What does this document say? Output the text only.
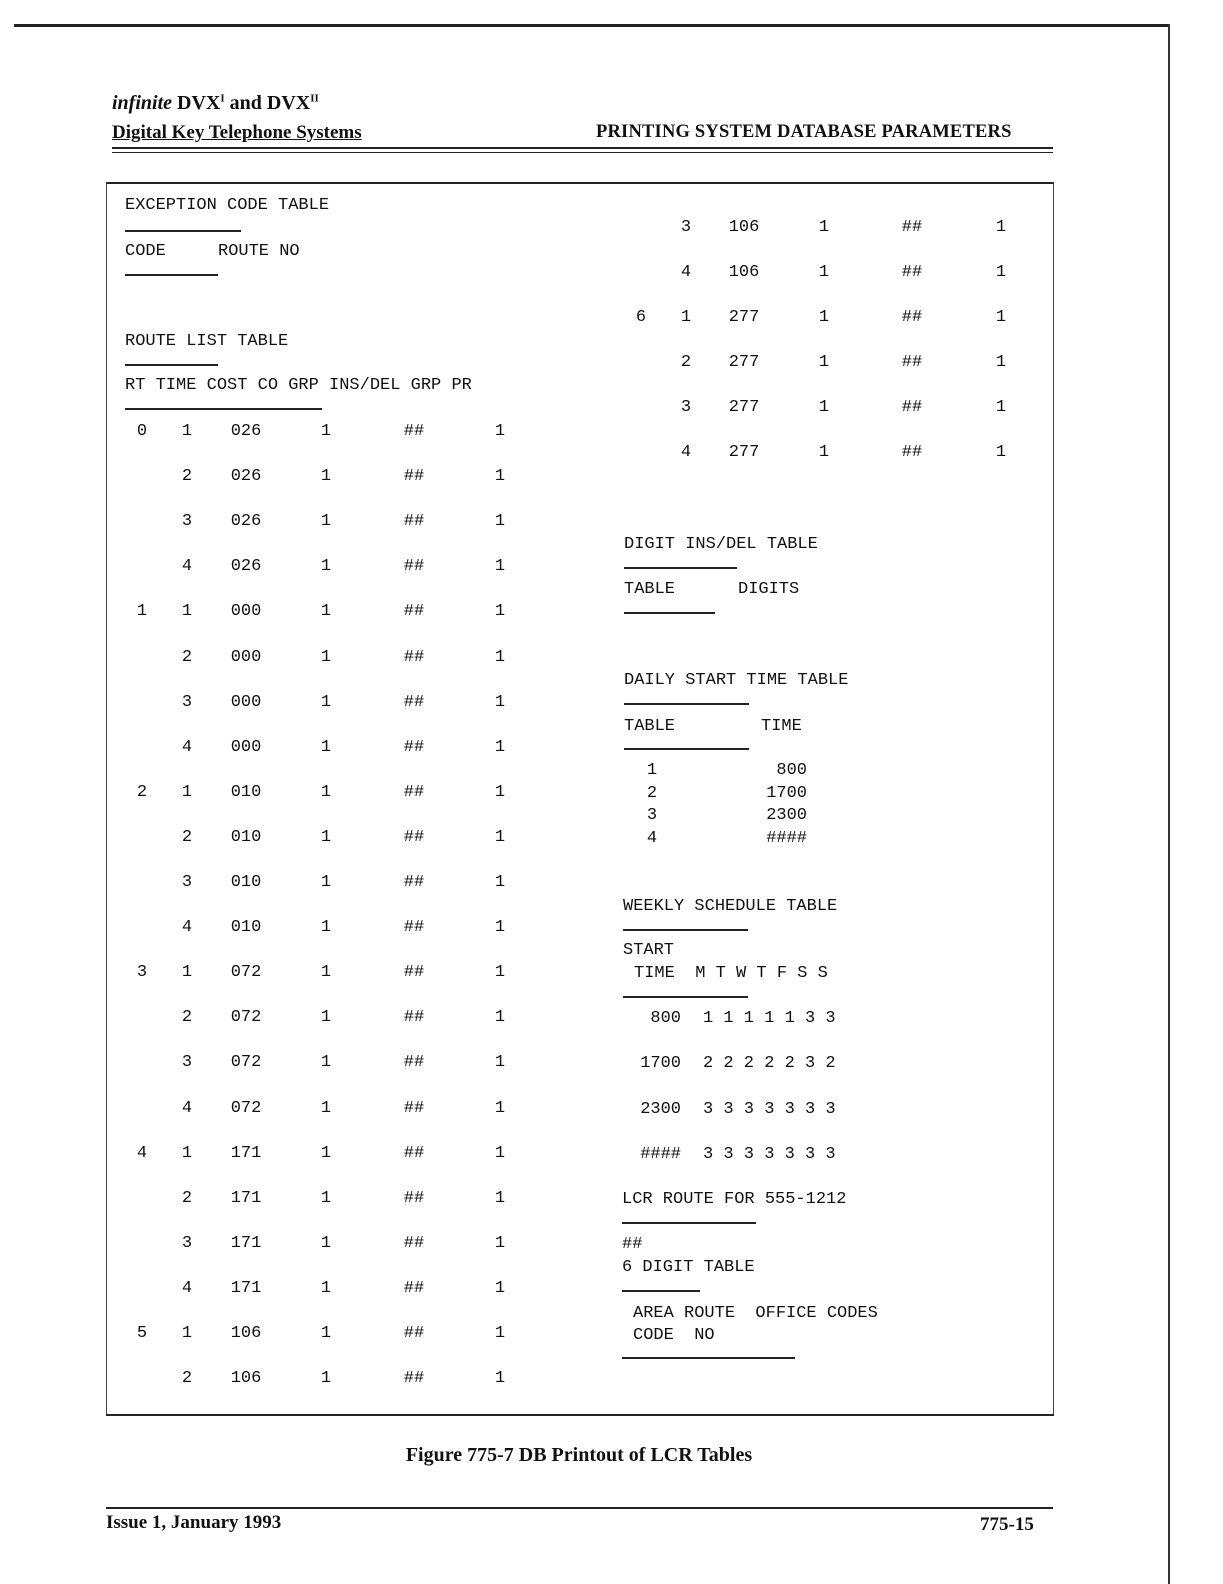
infinite $DVX^I$ and $DVX^{II}$
Digital Key Telephone Systems	PRINTING SYSTEM DATABASE PARAMETERS
EXCEPTION CODE TABLE
CODE	ROUTE NO
ROUTE LIST TABLE
RT TIME COST CO GRP INS/DEL GRP PR
0 1 026	1	##	1
2 026	1	##	1
3 026	1	##	1
4 026	1	##	1
1 1 000	1	##	1
2 000	1	##	1
3 000	1	##	1
4 000	1	##	1
2 1 010	1	##	1
2 010	1	##	1
3 010	1	##	1
4 010	1	##	1
3 1 072	1	##	1
2 072	1	##	1
3 072	1	##	1
4 072	1	##	1
4 1 171	1	##	1
2 171	1	##	1
3 171	1	##	1
4 171	1	##	1
5 1 106	1	##	1
2 106	1	##	1
3 106	1	##	1
4 106	1	##	1
6 1 277	1	##	1
2 277	1	##	1
3 277	1	##	1
4 277	1	##	1
DIGIT INS/DEL TABLE
TABLE	DIGITS
DAILY START TIME TABLE
TABLE	TIME
1	800
2	1700
3	2300
4	####
WEEKLY SCHEDULE TABLE
START
TIME  M T W T F S S
800 1 1 1 1 1 3 3
1700 2 2 2 2 2 3 2
2300 3 3 3 3 3 3 3
#### 3 3 3 3 3 3 3
LCR ROUTE FOR 555-1212
##
6 DIGIT TABLE
AREA ROUTE  OFFICE CODES
CODE  NO
Figure 775-7 DB Printout of LCR Tables
Issue 1, January 1993	775-15
